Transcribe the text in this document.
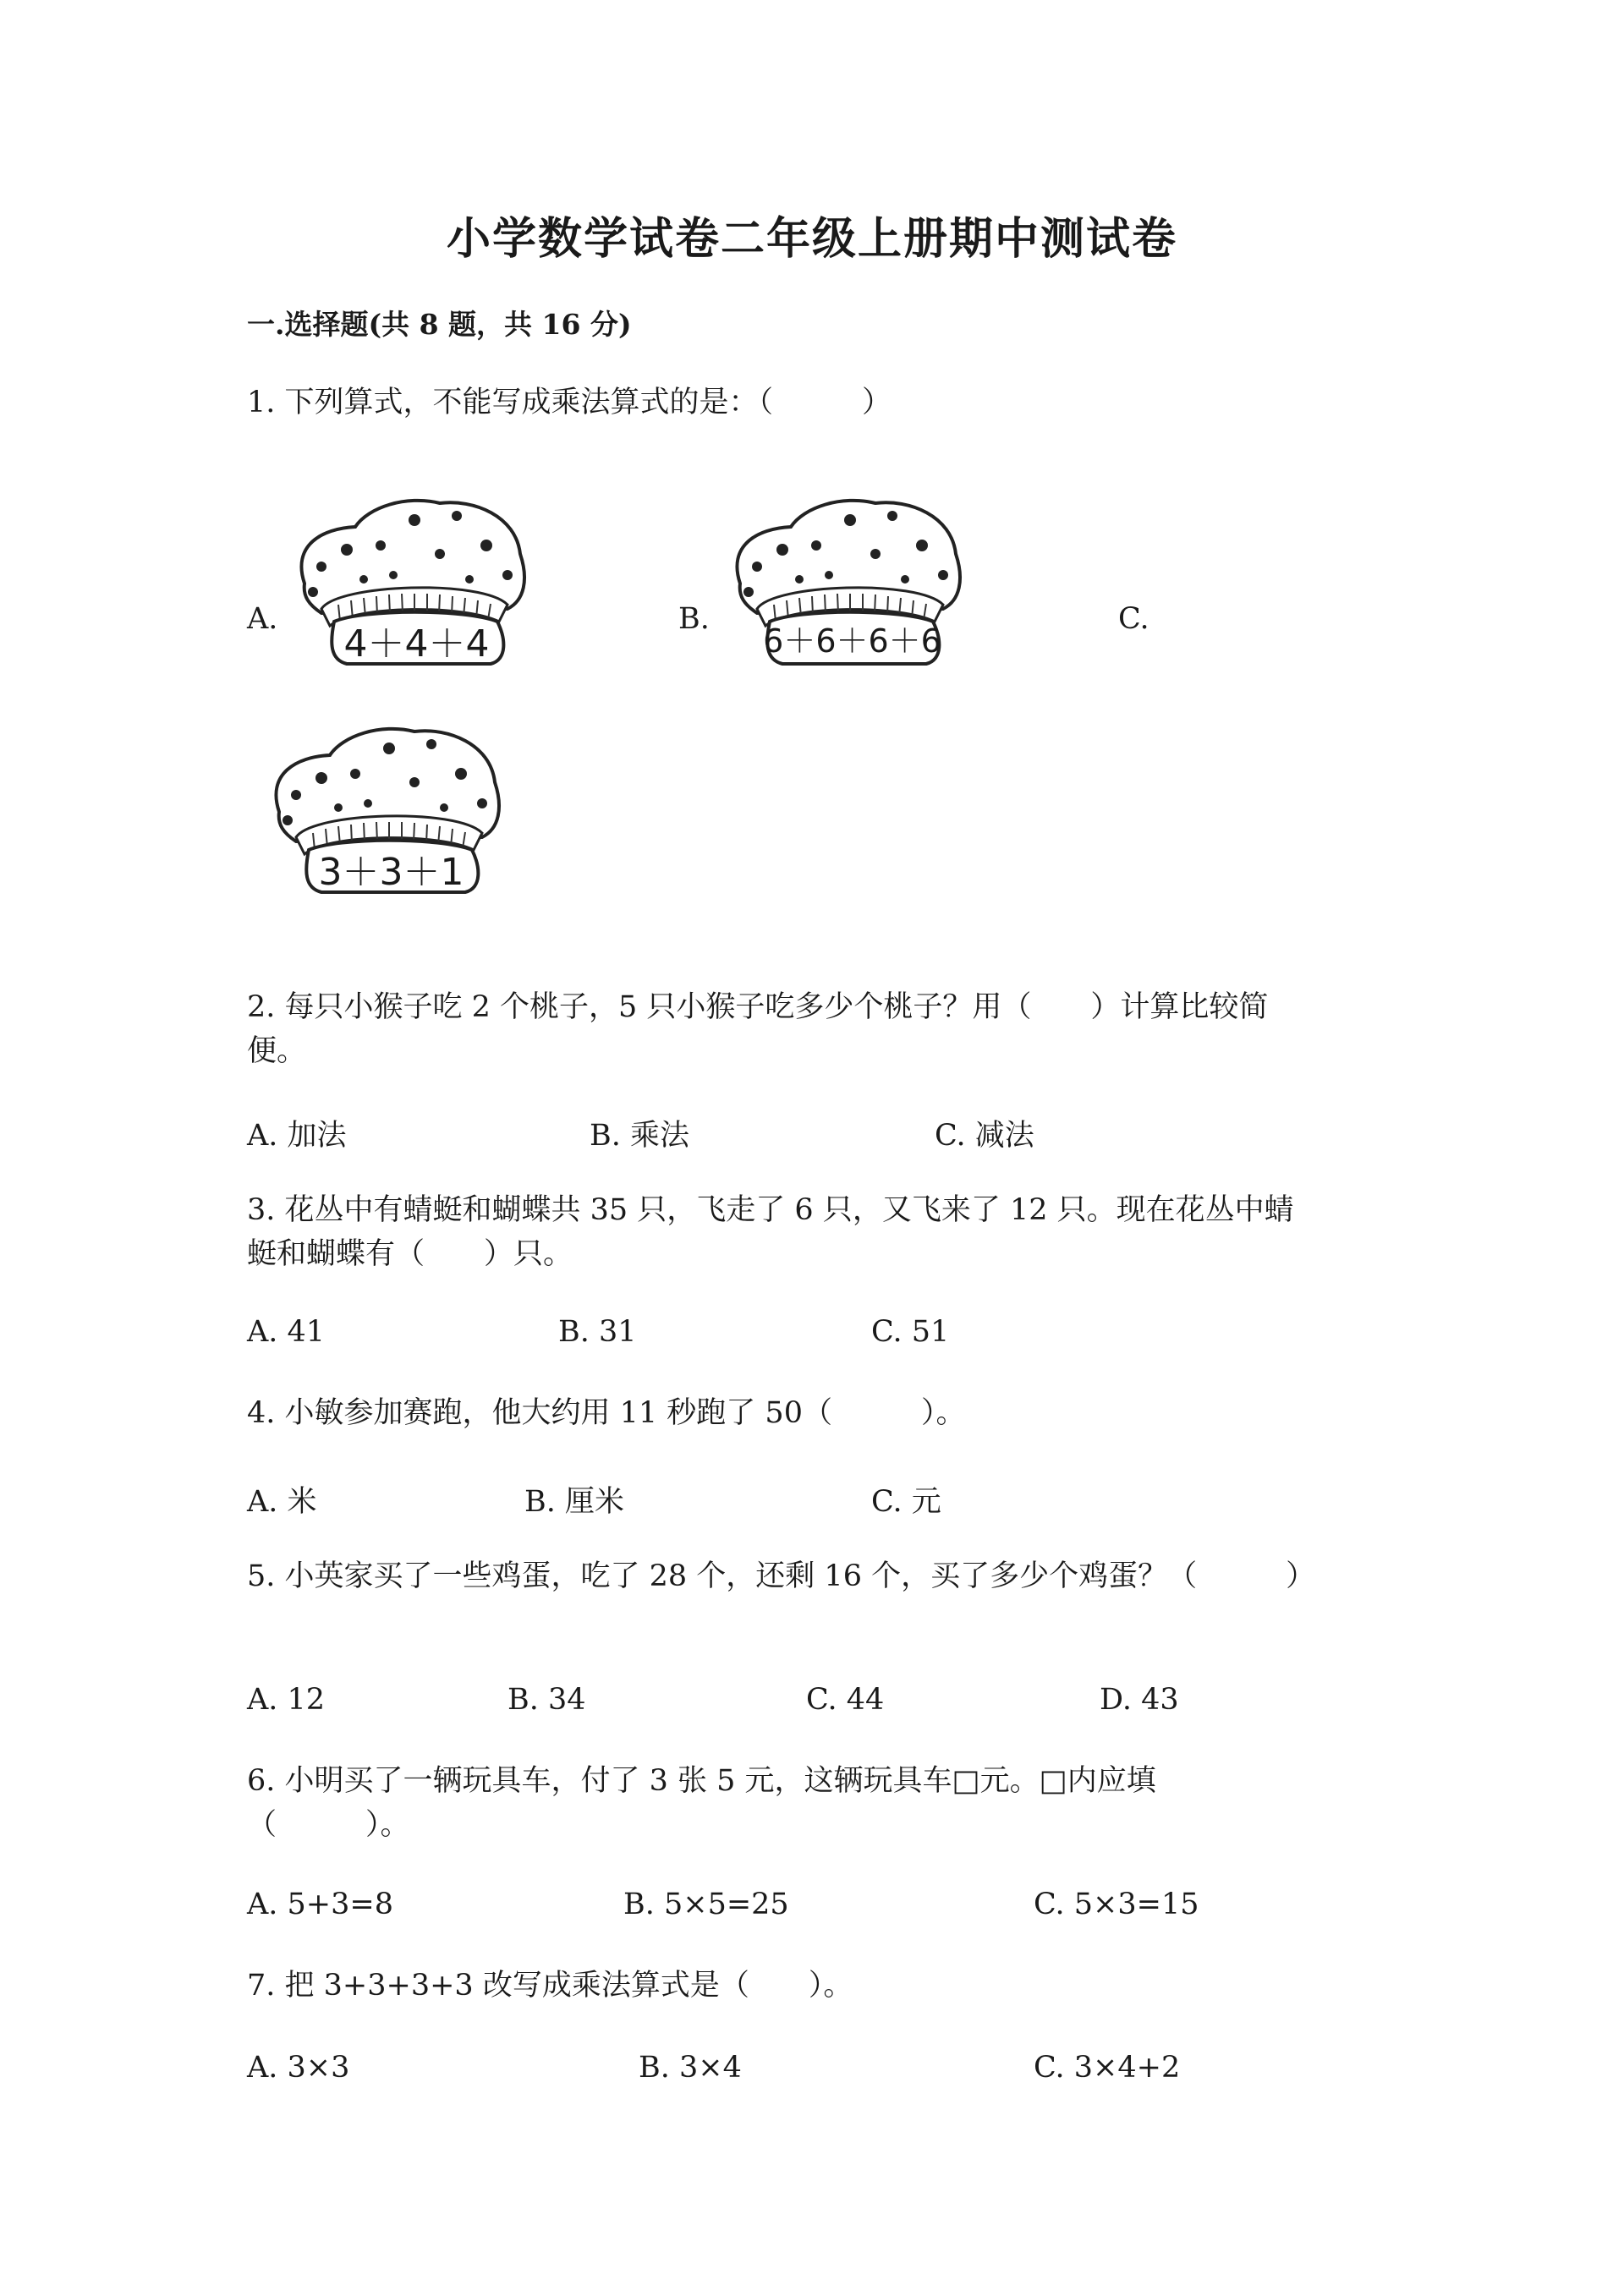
小学数学试卷二年级上册期中测试卷
一.选择题(共 8 题，共 16 分)
1. 下列算式，不能写成乘法算式的是：（　　　）
A.
4＋4＋4
B.
6＋6＋6＋6
C.
3＋3＋1
2. 每只小猴子吃 2 个桃子，5 只小猴子吃多少个桃子？用（　　）计算比较简
便。
A. 加法	B. 乘法	C. 减法
3. 花丛中有蜻蜓和蝴蝶共 35 只，飞走了 6 只，又飞来了 12 只。现在花丛中蜻
蜓和蝴蝶有（　　）只。
A. 41	B. 31	C. 51
4. 小敏参加赛跑，他大约用 11 秒跑了 50（　　　）。
A. 米	B. 厘米	C. 元
5. 小英家买了一些鸡蛋，吃了 28 个，还剩 16 个，买了多少个鸡蛋？（　　　）
A. 12	B. 34	C. 44	D. 43
6. 小明买了一辆玩具车，付了 3 张 5 元，这辆玩具车□元。□内应填
（　　　）。
A. 5+3=8	B. 5×5=25	C. 5×3=15
7. 把 3+3+3+3 改写成乘法算式是（　　）。
A. 3×3	B. 3×4	C. 3×4+2
